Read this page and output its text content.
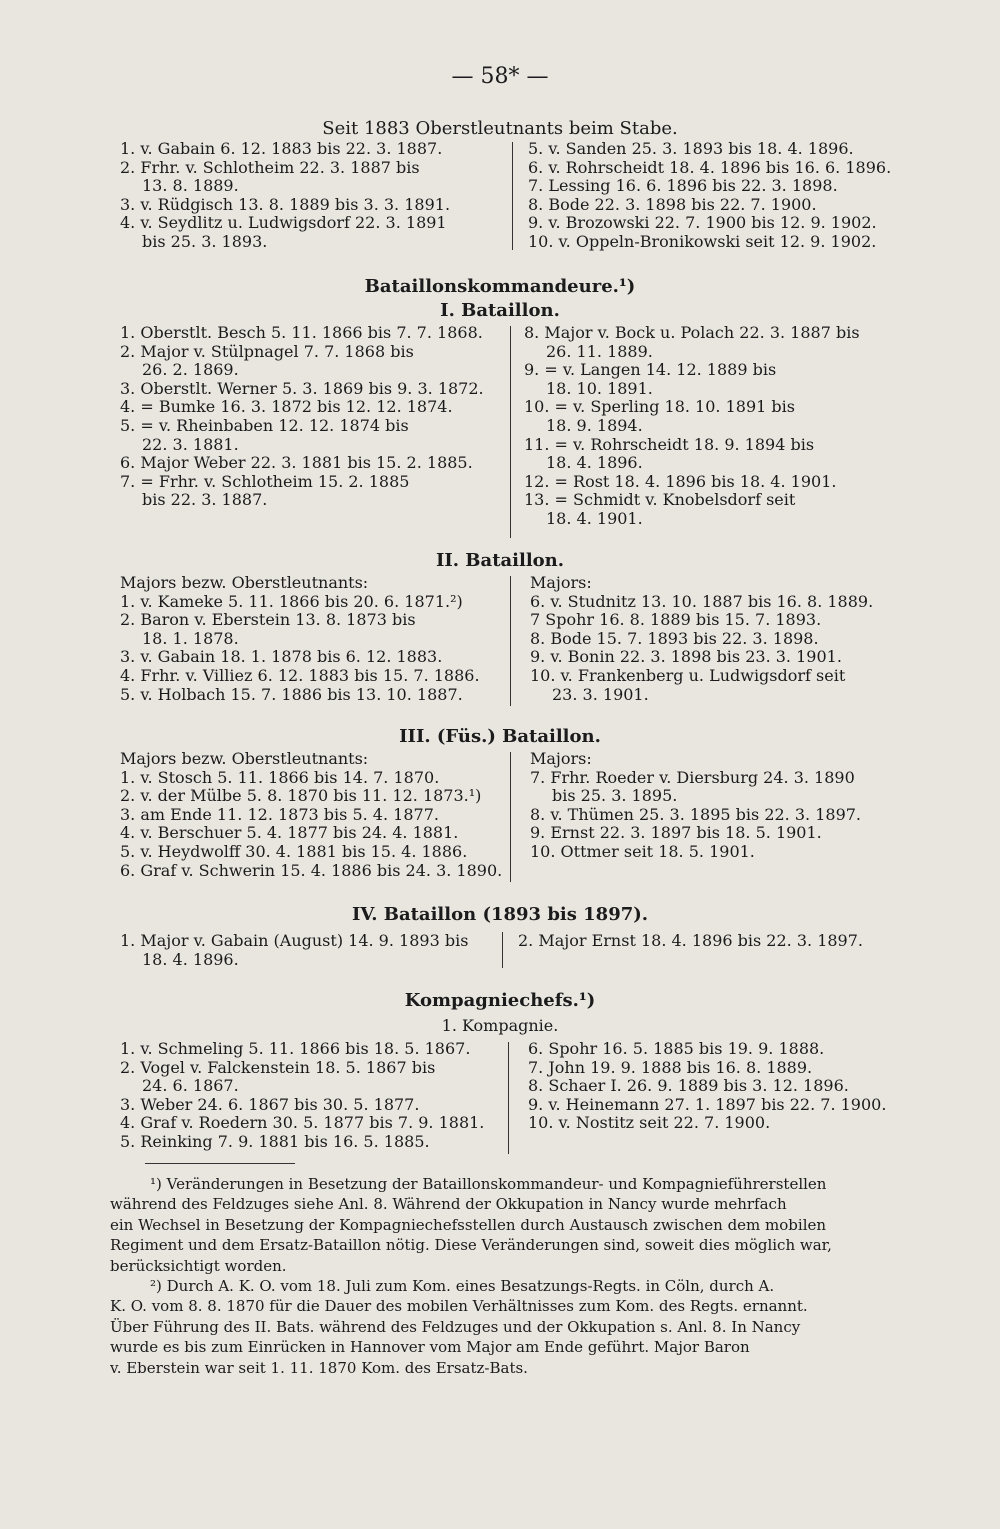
— 58* —
Seit 1883 Oberstleutnants beim Stabe.
1. v. Gabain 6. 12. 1883 bis 22. 3. 1887.
2. Frhr. v. Schlotheim 22. 3. 1887 bis
13. 8. 1889.
3. v. Rüdgisch 13. 8. 1889 bis 3. 3. 1891.
4. v. Seydlitz u. Ludwigsdorf 22. 3. 1891
bis 25. 3. 1893.
5. v. Sanden 25. 3. 1893 bis 18. 4. 1896.
6. v. Rohrscheidt 18. 4. 1896 bis 16. 6. 1896.
7. Lessing 16. 6. 1896 bis 22. 3. 1898.
8. Bode 22. 3. 1898 bis 22. 7. 1900.
9. v. Brozowski 22. 7. 1900 bis 12. 9. 1902.
10. v. Oppeln-Bronikowski seit 12. 9. 1902.
Bataillonskommandeure.¹)
I. Bataillon.
1. Oberstlt. Besch 5. 11. 1866 bis 7. 7. 1868.
2. Major v. Stülpnagel 7. 7. 1868 bis
26. 2. 1869.
3. Oberstlt. Werner 5. 3. 1869 bis 9. 3. 1872.
4. = Bumke 16. 3. 1872 bis 12. 12. 1874.
5. = v. Rheinbaben 12. 12. 1874 bis
22. 3. 1881.
6. Major Weber 22. 3. 1881 bis 15. 2. 1885.
7. = Frhr. v. Schlotheim 15. 2. 1885
bis 22. 3. 1887.
8. Major v. Bock u. Polach 22. 3. 1887 bis
26. 11. 1889.
9. = v. Langen 14. 12. 1889 bis
18. 10. 1891.
10. = v. Sperling 18. 10. 1891 bis
18. 9. 1894.
11. = v. Rohrscheidt 18. 9. 1894 bis
18. 4. 1896.
12. = Rost 18. 4. 1896 bis 18. 4. 1901.
13. = Schmidt v. Knobelsdorf seit
18. 4. 1901.
II. Bataillon.
Majors bezw. Oberstleutnants:
1. v. Kameke 5. 11. 1866 bis 20. 6. 1871.²)
2. Baron v. Eberstein 13. 8. 1873 bis
18. 1. 1878.
3. v. Gabain 18. 1. 1878 bis 6. 12. 1883.
4. Frhr. v. Villiez 6. 12. 1883 bis 15. 7. 1886.
5. v. Holbach 15. 7. 1886 bis 13. 10. 1887.
Majors:
6. v. Studnitz 13. 10. 1887 bis 16. 8. 1889.
7 Spohr 16. 8. 1889 bis 15. 7. 1893.
8. Bode 15. 7. 1893 bis 22. 3. 1898.
9. v. Bonin 22. 3. 1898 bis 23. 3. 1901.
10. v. Frankenberg u. Ludwigsdorf seit
23. 3. 1901.
III. (Füs.) Bataillon.
Majors bezw. Oberstleutnants:
1. v. Stosch 5. 11. 1866 bis 14. 7. 1870.
2. v. der Mülbe 5. 8. 1870 bis 11. 12. 1873.¹)
3. am Ende 11. 12. 1873 bis 5. 4. 1877.
4. v. Berschuer 5. 4. 1877 bis 24. 4. 1881.
5. v. Heydwolff 30. 4. 1881 bis 15. 4. 1886.
6. Graf v. Schwerin 15. 4. 1886 bis 24. 3. 1890.
Majors:
7. Frhr. Roeder v. Diersburg 24. 3. 1890
bis 25. 3. 1895.
8. v. Thümen 25. 3. 1895 bis 22. 3. 1897.
9. Ernst 22. 3. 1897 bis 18. 5. 1901.
10. Ottmer seit 18. 5. 1901.
IV. Bataillon (1893 bis 1897).
1. Major v. Gabain (August) 14. 9. 1893 bis
18. 4. 1896.
2. Major Ernst 18. 4. 1896 bis 22. 3. 1897.
Kompagniechefs.¹)
1. Kompagnie.
1. v. Schmeling 5. 11. 1866 bis 18. 5. 1867.
2. Vogel v. Falckenstein 18. 5. 1867 bis
24. 6. 1867.
3. Weber 24. 6. 1867 bis 30. 5. 1877.
4. Graf v. Roedern 30. 5. 1877 bis 7. 9. 1881.
5. Reinking 7. 9. 1881 bis 16. 5. 1885.
6. Spohr 16. 5. 1885 bis 19. 9. 1888.
7. John 19. 9. 1888 bis 16. 8. 1889.
8. Schaer I. 26. 9. 1889 bis 3. 12. 1896.
9. v. Heinemann 27. 1. 1897 bis 22. 7. 1900.
10. v. Nostitz seit 22. 7. 1900.
¹) Veränderungen in Besetzung der Bataillonskommandeur- und Kompagnieführerstellen
während des Feldzuges siehe Anl. 8. Während der Okkupation in Nancy wurde mehrfach
ein Wechsel in Besetzung der Kompagniechefsstellen durch Austausch zwischen dem mobilen
Regiment und dem Ersatz-Bataillon nötig. Diese Veränderungen sind, soweit dies möglich war,
berücksichtigt worden.
²) Durch A. K. O. vom 18. Juli zum Kom. eines Besatzungs-Regts. in Cöln, durch A.
K. O. vom 8. 8. 1870 für die Dauer des mobilen Verhältnisses zum Kom. des Regts. ernannt.
Über Führung des II. Bats. während des Feldzuges und der Okkupation s. Anl. 8. In Nancy
wurde es bis zum Einrücken in Hannover vom Major am Ende geführt. Major Baron
v. Eberstein war seit 1. 11. 1870 Kom. des Ersatz-Bats.
